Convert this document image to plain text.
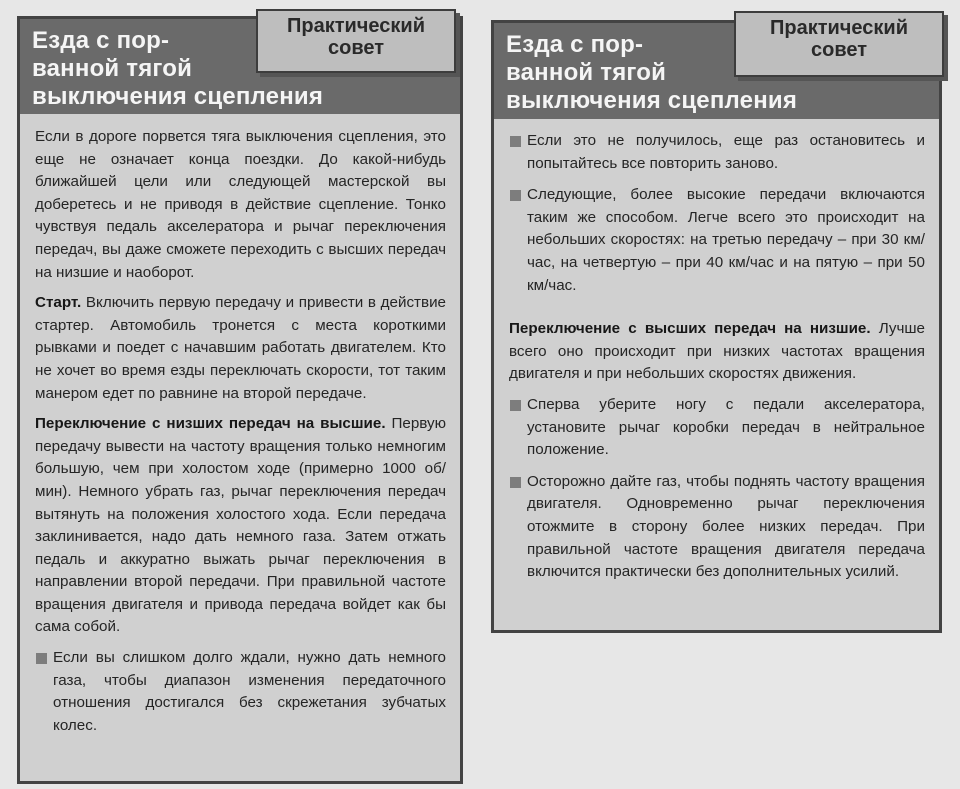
Езда с пор-
ванной тягой
выключения сцепления
Практический
совет

Если в дороге порвется тяга выключения сцепления, это еще не означает конца поездки. До какой-нибудь ближайшей цели или следующей мастерской вы доберетесь и не приводя в действие сцепление. Тонко чувствуя педаль акселератора и рычаг переключения передач, вы даже сможете переходить с высших передач на низшие и наоборот.

Старт. Включить первую передачу и привести в действие стартер. Автомобиль тронется с места короткими рывками и поедет с начавшим работать двигателем. Кто не хочет во время езды переключать скорости, тот таким манером едет по равнине на второй передаче.

Переключение с низших передач на высшие. Первую передачу вывести на частоту вращения только немногим большую, чем при холостом ходе (примерно 1000 об/мин). Немного убрать газ, рычаг переключения передач вытянуть на положения холостого хода. Если передача заклинивается, надо дать немного газа. Затем отжать педаль и аккуратно выжать рычаг переключения в направлении второй передачи. При правильной частоте вращения двигателя и привода передача войдет как бы сама собой.

Если вы слишком долго ждали, нужно дать немного газа, чтобы диапазон изменения передаточного отношения достигался без скрежетания зубчатых колес.
Езда с пор-
ванной тягой
выключения сцепления
Практический
совет
Если это не получилось, еще раз остановитесь и попытайтесь все повторить заново.
Следующие, более высокие передачи включаются таким же способом. Легче всего это происходит на небольших скоростях: на третью передачу – при 30 км/час, на четвертую – при 40 км/час и на пятую – при 50 км/час.

Переключение с высших передач на низшие. Лучше всего оно происходит при низких частотах вращения двигателя и при небольших скоростях движения.

Сперва уберите ногу с педали акселератора, установите рычаг коробки передач в нейтральное положение.
Осторожно дайте газ, чтобы поднять частоту вращения двигателя. Одновременно рычаг переключения отожмите в сторону более низких передач. При правильной частоте вращения двигателя передача включится практически без дополнительных усилий.
